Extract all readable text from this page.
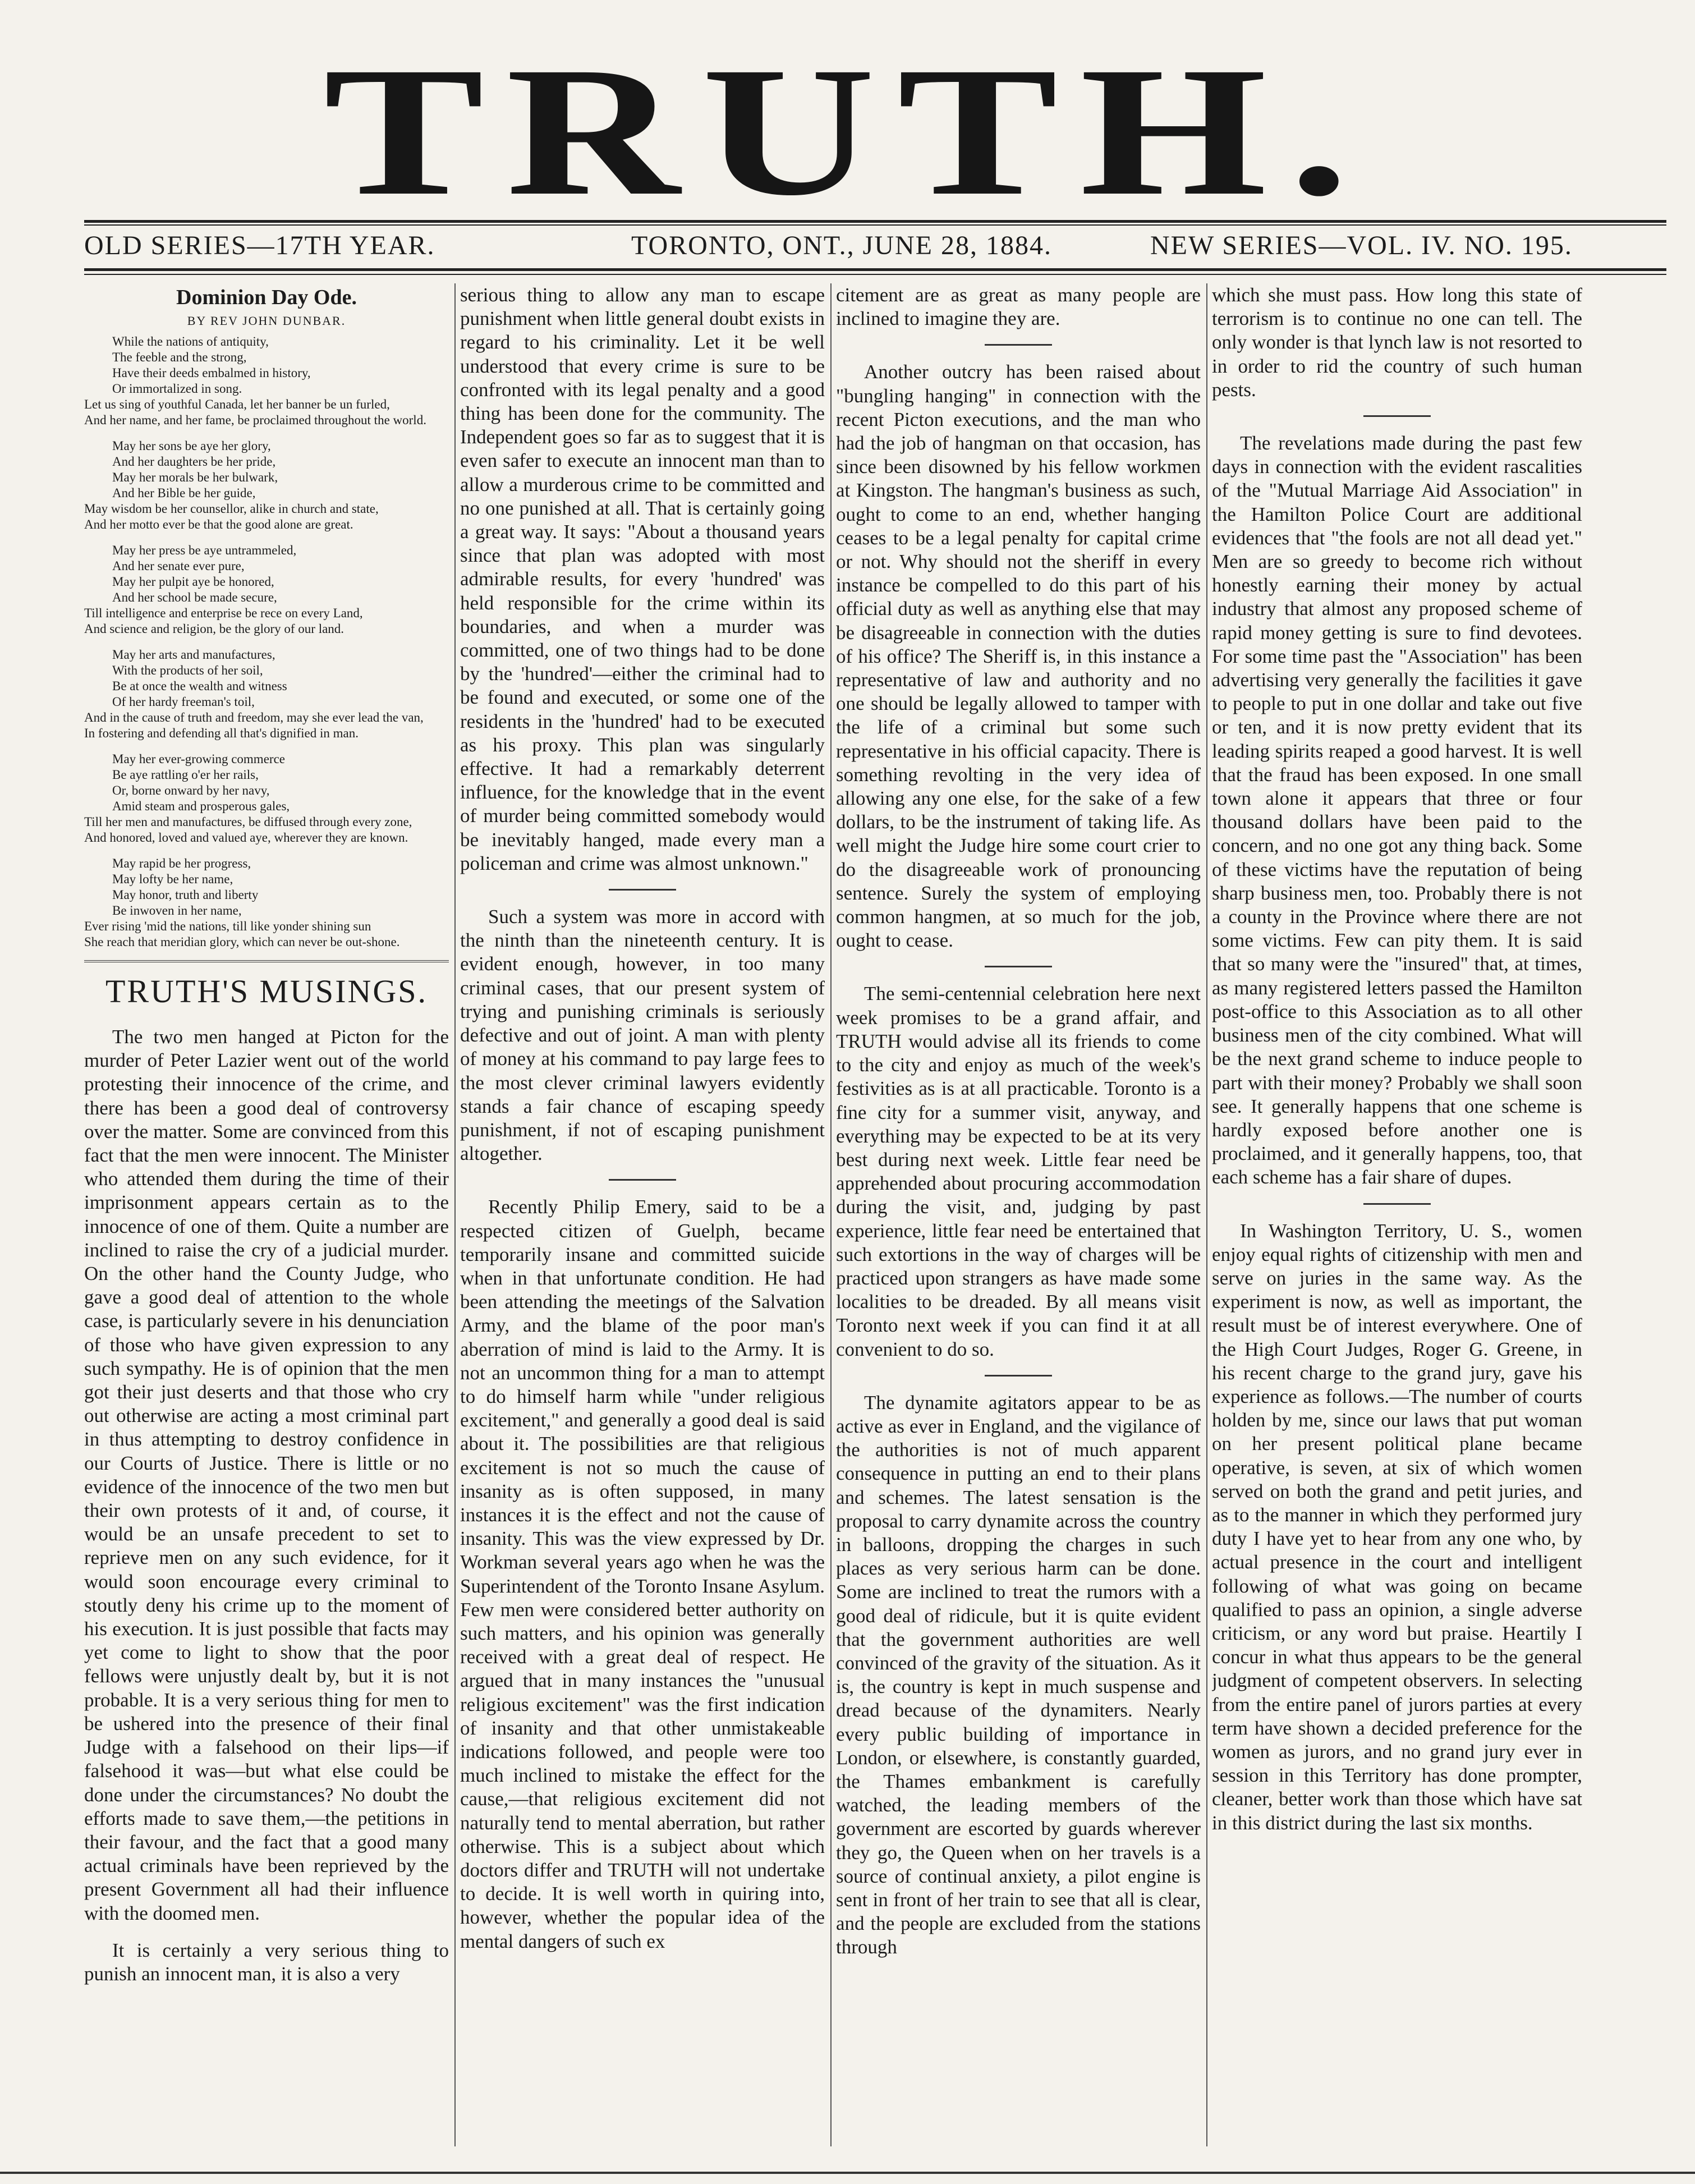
TRUTH.
OLD SERIES—17TH YEAR.	TORONTO, ONT., JUNE 28, 1884.	NEW SERIES—VOL. IV. NO. 195.
Dominion Day Ode.
BY REV JOHN DUNBAR.
While the nations of antiquity,
The feeble and the strong,
Have their deeds embalmed in history,
Or immortalized in song.
Let us sing of youthful Canada, let her banner be un furled,
And her name, and her fame, be proclaimed throughout the world.
May her sons be aye her glory,
And her daughters be her pride,
May her morals be her bulwark,
And her Bible be her guide,
May wisdom be her counsellor, alike in church and state,
And her motto ever be that the good alone are great.
May her press be aye untrammeled,
And her senate ever pure,
May her pulpit aye be honored,
And her school be made secure,
Till intelligence and enterprise be rece on every Land,
And science and religion, be the glory of our land.
May her arts and manufactures,
With the products of her soil,
Be at once the wealth and witness
Of her hardy freeman's toil,
And in the cause of truth and freedom, may she ever lead the van,
In fostering and defending all that's dignified in man.
May her ever-growing commerce
Be aye rattling o'er her rails,
Or, borne onward by her navy,
Amid steam and prosperous gales,
Till her men and manufactures, be diffused through every zone,
And honored, loved and valued aye, wherever they are known.
May rapid be her progress,
May lofty be her name,
May honor, truth and liberty
Be inwoven in her name,
Ever rising 'mid the nations, till like yonder shining sun
She reach that meridian glory, which can never be out-shone.
TRUTH'S MUSINGS.

The two men hanged at Picton for the murder of Peter Lazier went out of the world protesting their innocence of the crime, and there has been a good deal of controversy over the matter. Some are convinced from this fact that the men were innocent. The Minister who attended them during the time of their imprisonment appears certain as to the innocence of one of them. Quite a number are inclined to raise the cry of a judicial murder. On the other hand the County Judge, who gave a good deal of attention to the whole case, is particularly severe in his denunciation of those who have given expression to any such sympathy. He is of opinion that the men got their just deserts and that those who cry out otherwise are acting a most criminal part in thus attempting to destroy confidence in our Courts of Justice. There is little or no evidence of the innocence of the two men but their own protests of it and, of course, it would be an unsafe precedent to set to reprieve men on any such evidence, for it would soon encourage every criminal to stoutly deny his crime up to the moment of his execution. It is just possible that facts may yet come to light to show that the poor fellows were unjustly dealt by, but it is not probable. It is a very serious thing for men to be ushered into the presence of their final Judge with a falsehood on their lips—if falsehood it was—but what else could be done under the circumstances? No doubt the efforts made to save them,—the petitions in their favour, and the fact that a good many actual criminals have been reprieved by the present Government all had their influence with the doomed men.

It is certainly a very serious thing to punish an innocent man, it is also a very

serious thing to allow any man to escape punishment when little general doubt exists in regard to his criminality. Let it be well understood that every crime is sure to be confronted with its legal penalty and a good thing has been done for the community. The Independent goes so far as to suggest that it is even safer to execute an innocent man than to allow a murderous crime to be committed and no one punished at all. That is certainly going a great way. It says: "About a thousand years since that plan was adopted with most admirable results, for every 'hundred' was held responsible for the crime within its boundaries, and when a murder was committed, one of two things had to be done by the 'hundred'—either the criminal had to be found and executed, or some one of the residents in the 'hundred' had to be executed as his proxy. This plan was singularly effective. It had a remarkably deterrent influence, for the knowledge that in the event of murder being committed somebody would be inevitably hanged, made every man a policeman and crime was almost unknown."

Such a system was more in accord with the ninth than the nineteenth century. It is evident enough, however, in too many criminal cases, that our present system of trying and punishing criminals is seriously defective and out of joint. A man with plenty of money at his command to pay large fees to the most clever criminal lawyers evidently stands a fair chance of escaping speedy punishment, if not of escaping punishment altogether.

Recently Philip Emery, said to be a respected citizen of Guelph, became temporarily insane and committed suicide when in that unfortunate condition. He had been attending the meetings of the Salvation Army, and the blame of the poor man's aberration of mind is laid to the Army. It is not an uncommon thing for a man to attempt to do himself harm while "under religious excitement," and generally a good deal is said about it. The possibilities are that religious excitement is not so much the cause of insanity as is often supposed, in many instances it is the effect and not the cause of insanity. This was the view expressed by Dr. Workman several years ago when he was the Superintendent of the Toronto Insane Asylum. Few men were considered better authority on such matters, and his opinion was generally received with a great deal of respect. He argued that in many instances the "unusual religious excitement" was the first indication of insanity and that other unmistakeable indications followed, and people were too much inclined to mistake the effect for the cause,—that religious excitement did not naturally tend to mental aberration, but rather otherwise. This is a subject about which doctors differ and TRUTH will not undertake to decide. It is well worth in quiring into, however, whether the popular idea of the mental dangers of such ex

citement are as great as many people are inclined to imagine they are.

Another outcry has been raised about "bungling hanging" in connection with the recent Picton executions, and the man who had the job of hangman on that occasion, has since been disowned by his fellow workmen at Kingston. The hangman's business as such, ought to come to an end, whether hanging ceases to be a legal penalty for capital crime or not. Why should not the sheriff in every instance be compelled to do this part of his official duty as well as anything else that may be disagreeable in connection with the duties of his office? The Sheriff is, in this instance a representative of law and authority and no one should be legally allowed to tamper with the life of a criminal but some such representative in his official capacity. There is something revolting in the very idea of allowing any one else, for the sake of a few dollars, to be the instrument of taking life. As well might the Judge hire some court crier to do the disagreeable work of pronouncing sentence. Surely the system of employing common hangmen, at so much for the job, ought to cease.

The semi-centennial celebration here next week promises to be a grand affair, and TRUTH would advise all its friends to come to the city and enjoy as much of the week's festivities as is at all practicable. Toronto is a fine city for a summer visit, anyway, and everything may be expected to be at its very best during next week. Little fear need be apprehended about procuring accommodation during the visit, and, judging by past experience, little fear need be entertained that such extortions in the way of charges will be practiced upon strangers as have made some localities to be dreaded. By all means visit Toronto next week if you can find it at all convenient to do so.

The dynamite agitators appear to be as active as ever in England, and the vigilance of the authorities is not of much apparent consequence in putting an end to their plans and schemes. The latest sensation is the proposal to carry dynamite across the country in balloons, dropping the charges in such places as very serious harm can be done. Some are inclined to treat the rumors with a good deal of ridicule, but it is quite evident that the government authorities are well convinced of the gravity of the situation. As it is, the country is kept in much suspense and dread because of the dynamiters. Nearly every public building of importance in London, or elsewhere, is constantly guarded, the Thames embankment is carefully watched, the leading members of the government are escorted by guards wherever they go, the Queen when on her travels is a source of continual anxiety, a pilot engine is sent in front of her train to see that all is clear, and the people are excluded from the stations through

which she must pass. How long this state of terrorism is to continue no one can tell. The only wonder is that lynch law is not resorted to in order to rid the country of such human pests.

The revelations made during the past few days in connection with the evident rascalities of the "Mutual Marriage Aid Association" in the Hamilton Police Court are additional evidences that "the fools are not all dead yet." Men are so greedy to become rich without honestly earning their money by actual industry that almost any proposed scheme of rapid money getting is sure to find devotees. For some time past the "Association" has been advertising very generally the facilities it gave to people to put in one dollar and take out five or ten, and it is now pretty evident that its leading spirits reaped a good harvest. It is well that the fraud has been exposed. In one small town alone it appears that three or four thousand dollars have been paid to the concern, and no one got any thing back. Some of these victims have the reputation of being sharp business men, too. Probably there is not a county in the Province where there are not some victims. Few can pity them. It is said that so many were the "insured" that, at times, as many registered letters passed the Hamilton post-office to this Association as to all other business men of the city combined. What will be the next grand scheme to induce people to part with their money? Probably we shall soon see. It generally happens that one scheme is hardly exposed before another one is proclaimed, and it generally happens, too, that each scheme has a fair share of dupes.

In Washington Territory, U. S., women enjoy equal rights of citizenship with men and serve on juries in the same way. As the experiment is now, as well as important, the result must be of interest everywhere. One of the High Court Judges, Roger G. Greene, in his recent charge to the grand jury, gave his experience as follows.—The number of courts holden by me, since our laws that put woman on her present political plane became operative, is seven, at six of which women served on both the grand and petit juries, and as to the manner in which they performed jury duty I have yet to hear from any one who, by actual presence in the court and intelligent following of what was going on became qualified to pass an opinion, a single adverse criticism, or any word but praise. Heartily I concur in what thus appears to be the general judgment of competent observers. In selecting from the entire panel of jurors parties at every term have shown a decided preference for the women as jurors, and no grand jury ever in session in this Territory has done prompter, cleaner, better work than those which have sat in this district during the last six months.
